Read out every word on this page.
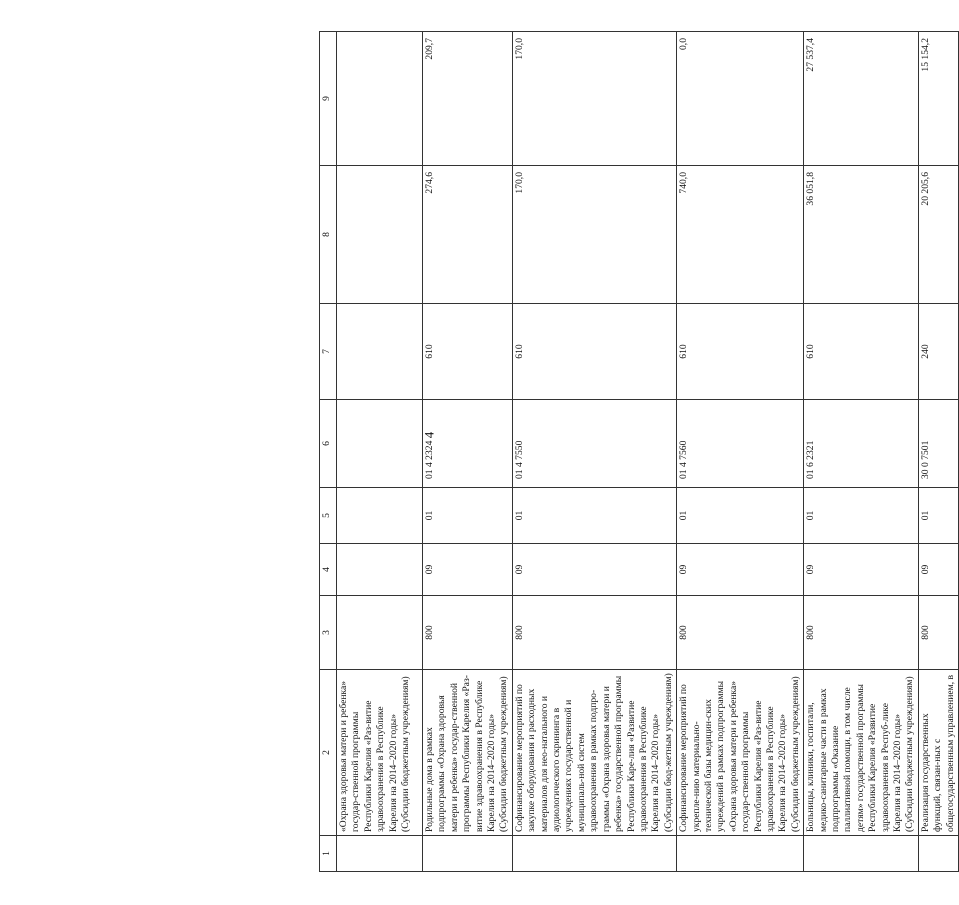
4
1	2	3	4	5	6	7	8	9
	«Охрана здоровья матери и ребенка» государ-ственной программы Республики Карелия «Раз-витие здравоохранения в Республике Карелия на 2014–2020 годы» (Субсидии бюджетным учреждениям)							
	Родильные дома в рамках подпрограммы «Охрана здоровья матери и ребенка» государ-ственной программы Республики Карелия «Раз-витие здравоохранения в Республике Карелия на 2014–2020 годы» (Субсидии бюджетным учреждениям)	800	09	01	01 4 2324	610	274,6	209,7
	Софинансирование мероприятий по закупке оборудования и расходных материалов для нео-натального и аудиологического скрининга в учреждениях государственной и муниципаль-ной систем здравоохранения в рамках подпро-граммы «Охрана здоровья матери и ребенка» государственной программы Республики Каре-лия «Развитие здравоохранения в Республике Карелия на 2014–2020 годы» (Субсидии бюд-жетным учреждениям)	800	09	01	01 4 7550	610	170,0	170,0
	Софинансирование мероприятий по укрепле-нию материально-технической базы медицин-ских учреждений в рамках подпрограммы «Охрана здоровья матери и ребенка» государ-ственной программы Республики Карелия «Раз-витие здравоохранения в Республике Карелия на 2014–2020 годы» (Субсидии бюджетным учреждениям)	800	09	01	01 4 7560	610	740,0	0,0
	Больницы, клиники, госпитали, медико-санитарные части в рамках подпрограммы «Оказание паллиативной помощи, в том числе детям» государственной программы Республики Карелия «Развитие здравоохранения в Респуб-лике Карелия на 2014–2020 годы» (Субсидии бюджетным учреждениям)	800	09	01	01 6 2321	610	36 051,8	27 537,4
	Реализация государственных функций, связан-ных с общегосударственным управлением, в	800	09	01	30 0 7501	240	20 205,6	15 154,2
